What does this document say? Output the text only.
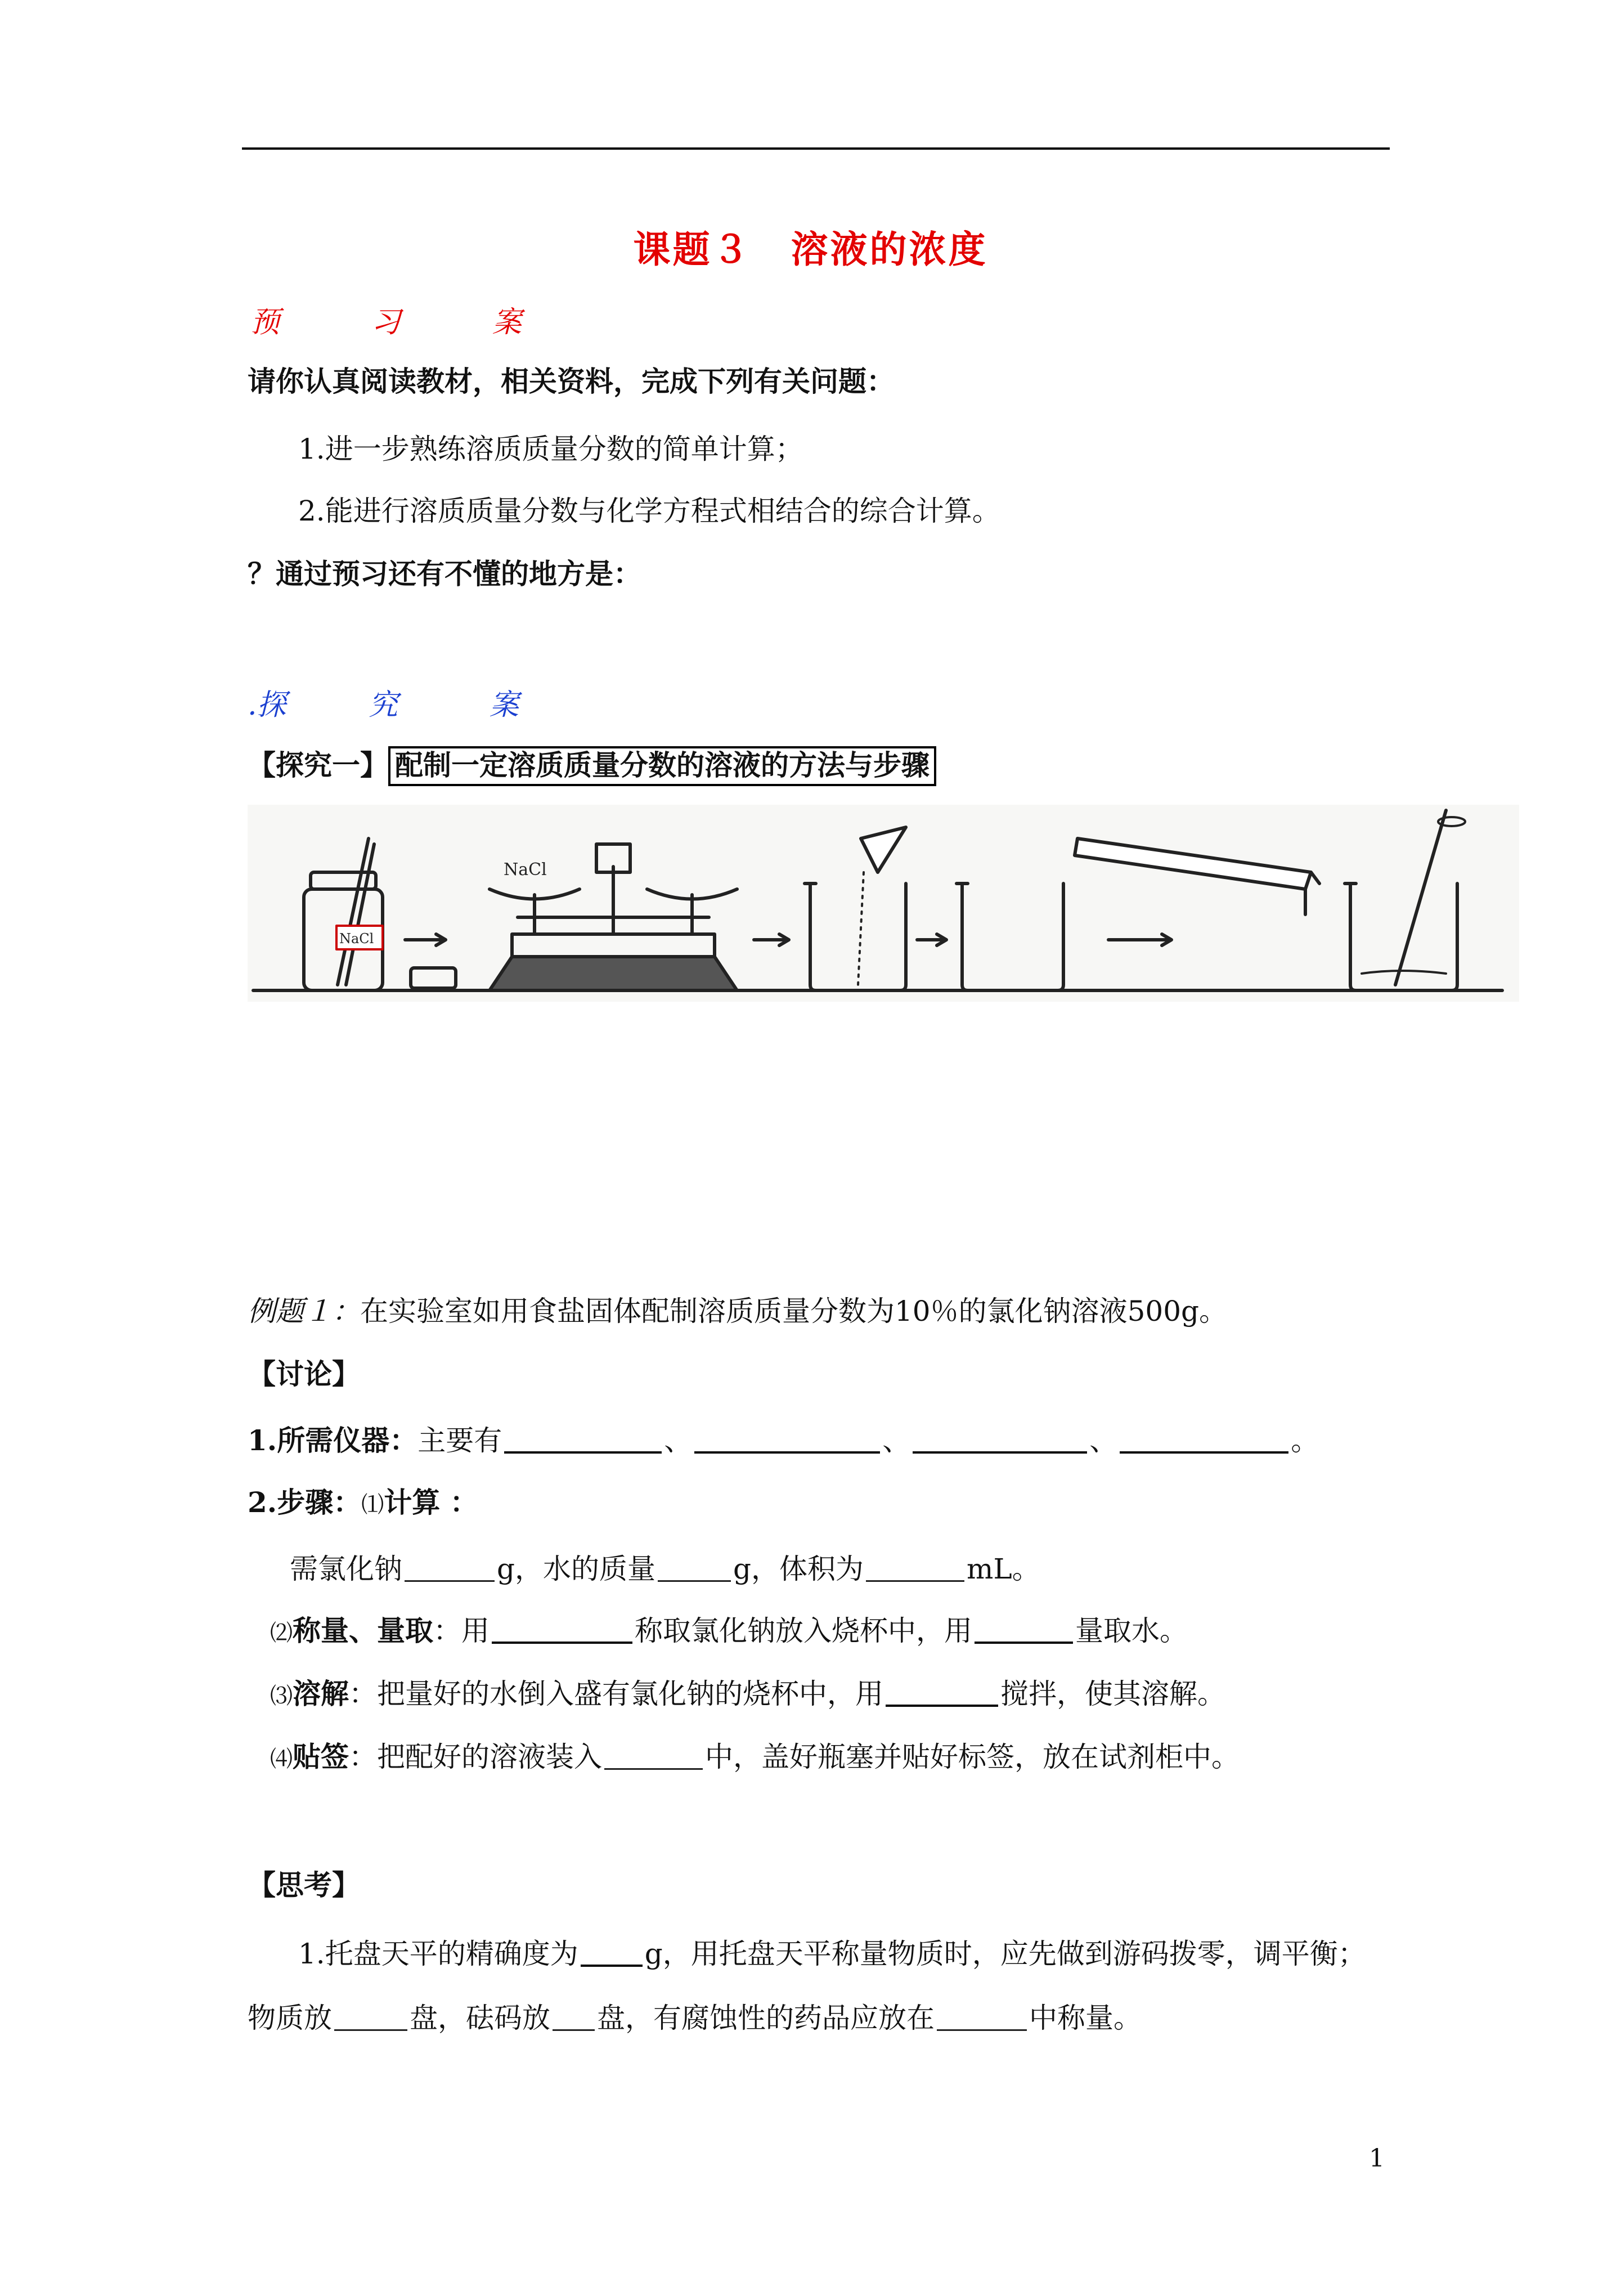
课题３　溶液的浓度
预	习	案
请你认真阅读教材，相关资料，完成下列有关问题：
1.进一步熟练溶质质量分数的简单计算；
2.能进行溶质质量分数与化学方程式相结合的综合计算。
？通过预习还有不懂的地方是：
.探	究	案
【探究一】 配制一定溶质质量分数的溶液的方法与步骤
NaCl
NaCl
例题１：在实验室如用食盐固体配制溶质质量分数为10％的氯化钠溶液500g。
【讨论】
1.所需仪器：主要有	、	、	、	。
2.步骤：⑴计算 ：
需氯化钠	g，水的质量	g，体积为	mL。
⑵称量、量取：用	称取氯化钠放入烧杯中，用	量取水。
⑶溶解：把量好的水倒入盛有氯化钠的烧杯中，用	搅拌，使其溶解。
⑷贴签：把配好的溶液装入	中，盖好瓶塞并贴好标签，放在试剂柜中。
【思考】
1.托盘天平的精确度为 g，用托盘天平称量物质时，应先做到游码拨零，调平衡；
物质放	盘，砝码放 盘，有腐蚀性的药品应放在	中称量。
1
